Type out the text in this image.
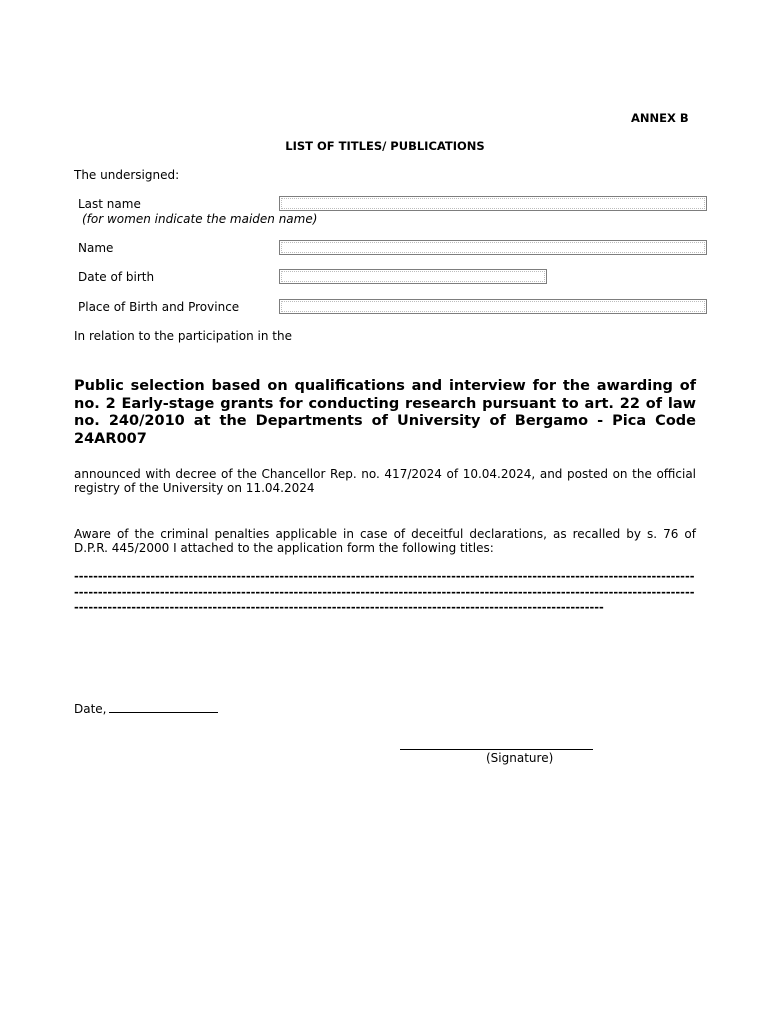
ANNEX B
LIST OF TITLES/ PUBLICATIONS
The undersigned:
Last name
(for women indicate the maiden name)
Name
Date of birth
Place of Birth and Province
In relation to the participation in the
Public selection based on qualifications and interview for the awarding of no. 2 Early-stage grants for conducting research pursuant to art. 22 of law no. 240/2010 at the Departments of University of Bergamo - Pica Code 24AR007
announced with decree of the Chancellor Rep. no. 417/2024 of 10.04.2024, and posted on the official registry of the University on 11.04.2024
Aware of the criminal penalties applicable in case of deceitful declarations, as recalled by s. 76 of D.P.R. 445/2000 I attached to the application form the following titles:
-----------------------------------------------------------------------------------------------------------------------------------------------------------------------------------------------------------------------------------------------------------------------------------------------------------------------------------------------------------------------------------
Date,
(Signature)
